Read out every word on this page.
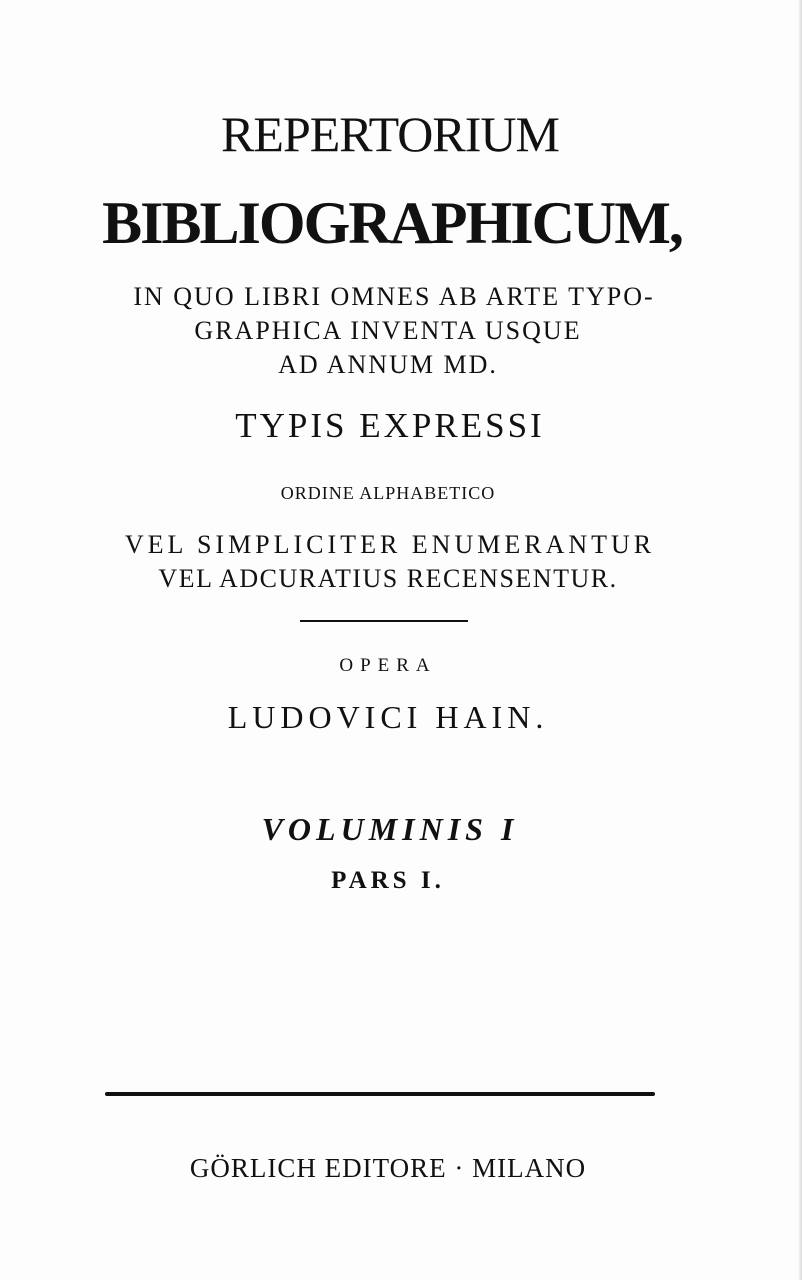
REPERTORIUM
BIBLIOGRAPHICUM,
IN QUO LIBRI OMNES AB ARTE TYPO-
GRAPHICA INVENTA USQUE
AD ANNUM MD.
TYPIS EXPRESSI
ORDINE ALPHABETICO
VEL SIMPLICITER ENUMERANTUR
VEL ADCURATIUS RECENSENTUR.
OPERA
LUDOVICI HAIN.
VOLUMINIS I
PARS I.
GÖRLICH EDITORE · MILANO
